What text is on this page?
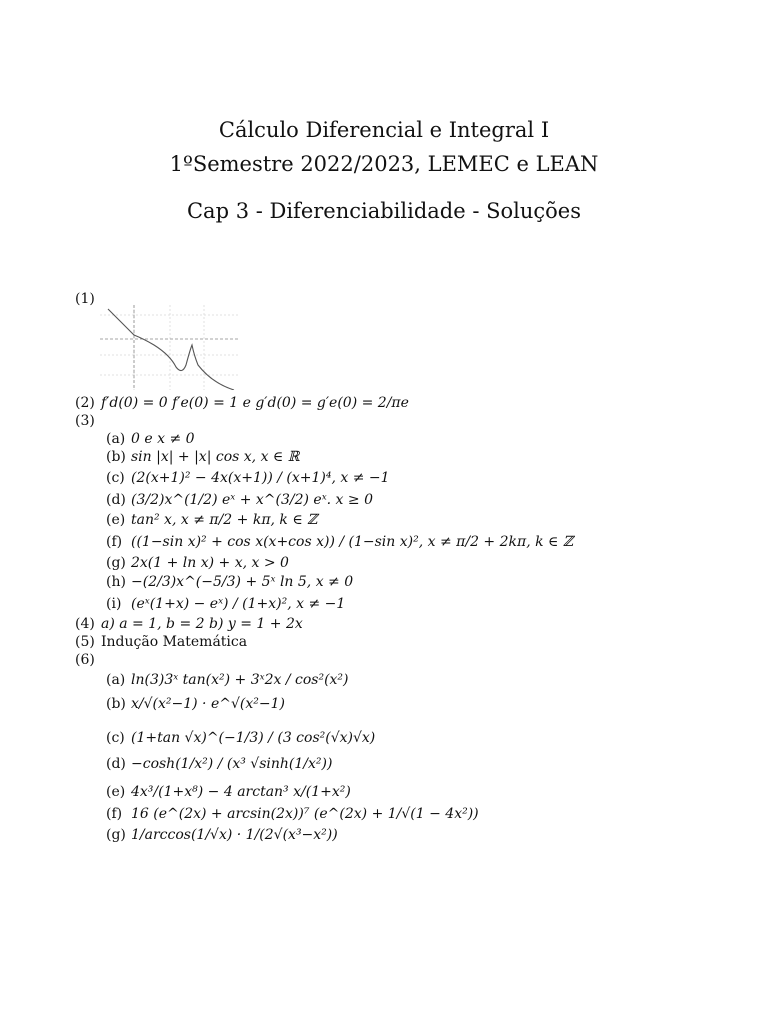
Cálculo Diferencial e Integral I
1ºSemestre 2022/2023, LEMEC e LEAN
Cap 3 - Diferenciabilidade - Soluções
(1)
(2) f′d(0) = 0 f′e(0) = 1 e g′d(0) = g′e(0) = 2/πe
(3)
(a) 0 e x ≠ 0
(b) sin |x| + |x| cos x, x ∈ ℝ
(c) (2(x+1)² − 4x(x+1)) / (x+1)⁴, x ≠ −1
(d) (3/2)x^(1/2) eˣ + x^(3/2) eˣ. x ≥ 0
(e) tan² x, x ≠ π/2 + kπ, k ∈ ℤ
(f) ((1−sin x)² + cos x(x+cos x)) / (1−sin x)², x ≠ π/2 + 2kπ, k ∈ ℤ
(g) 2x(1 + ln x) + x, x > 0
(h) −(2/3)x^(−5/3) + 5ˣ ln 5, x ≠ 0
(i) (eˣ(1+x) − eˣ) / (1+x)², x ≠ −1
(4) a) a = 1, b = 2 b) y = 1 + 2x
(5) Indução Matemática
(6)
(a) ln(3)3ˣ tan(x²) + 3ˣ2x / cos²(x²)
(b) x/√(x²−1) · e^√(x²−1)
(c) (1+tan √x)^(−1/3) / (3 cos²(√x)√x)
(d) −cosh(1/x²) / (x³ √sinh(1/x²))
(e) 4x³/(1+x⁸) − 4 arctan³ x/(1+x²)
(f) 16 (e^(2x) + arcsin(2x))⁷ (e^(2x) + 1/√(1 − 4x²))
(g) 1/arccos(1/√x) · 1/(2√(x³−x²))
